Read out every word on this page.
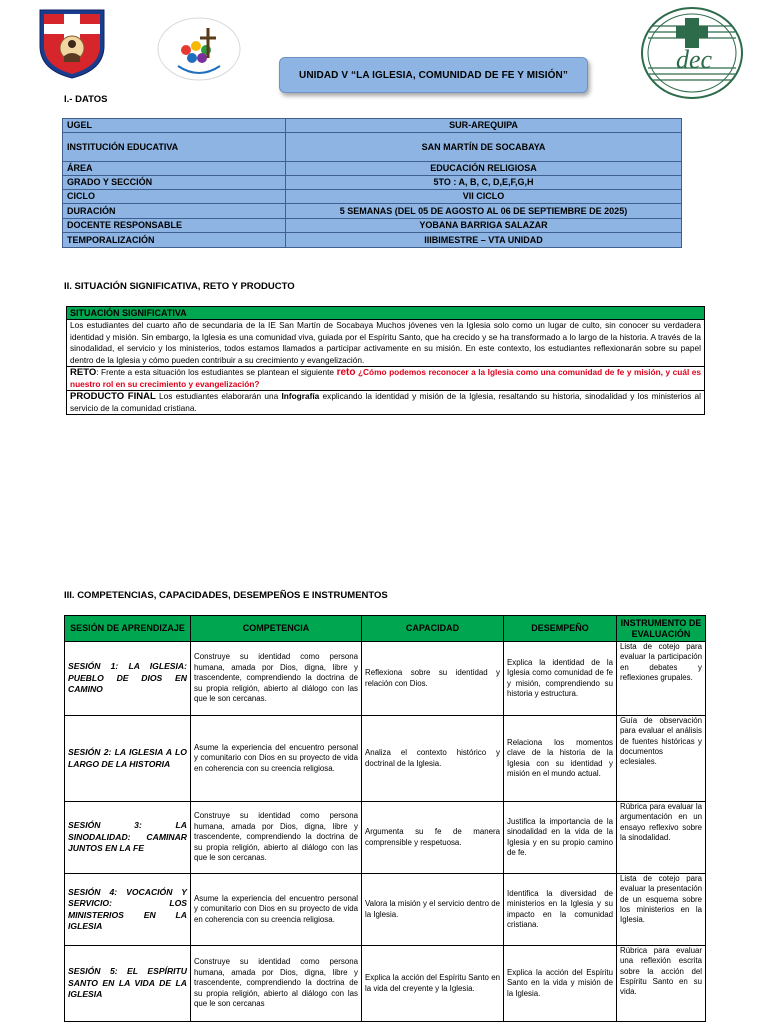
dec
UNIDAD V “LA IGLESIA, COMUNIDAD DE FE Y MISIÓN”
I.- DATOS
UGEL	SUR-AREQUIPA
INSTITUCIÓN EDUCATIVA	SAN MARTÍN DE SOCABAYA
ÁREA	EDUCACIÓN RELIGIOSA
GRADO Y SECCIÓN	5TO : A, B, C, D,E,F,G,H
CICLO	VII CICLO
DURACIÓN	5 SEMANAS (DEL 05 DE AGOSTO AL 06 DE SEPTIEMBRE DE 2025)
DOCENTE RESPONSABLE	YOBANA BARRIGA SALAZAR
TEMPORALIZACIÓN	IIIBIMESTRE – VTA UNIDAD
II. SITUACIÓN SIGNIFICATIVA, RETO Y PRODUCTO
SITUACIÓN SIGNIFICATIVA
Los estudiantes del cuarto año de secundaria de la IE San Martín de Socabaya Muchos jóvenes ven la Iglesia solo como un lugar de culto, sin conocer su verdadera identidad y misión. Sin embargo, la Iglesia es una comunidad viva, guiada por el Espíritu Santo, que ha crecido y se ha transformado a lo largo de la historia. A través de la sinodalidad, el servicio y los ministerios, todos estamos llamados a participar activamente en su misión. En este contexto, los estudiantes reflexionarán sobre su papel dentro de la Iglesia y cómo pueden contribuir a su crecimiento y evangelización.
RETO: Frente a esta situación los estudiantes se plantean el siguiente reto ¿Cómo podemos reconocer a la Iglesia como una comunidad de fe y misión, y cuál es nuestro rol en su crecimiento y evangelización?
PRODUCTO FINAL Los estudiantes elaborarán una Infografía explicando la identidad y misión de la Iglesia, resaltando su historia, sinodalidad y los ministerios al servicio de la comunidad cristiana.
III. COMPETENCIAS, CAPACIDADES, DESEMPEÑOS E INSTRUMENTOS
SESIÓN DE APRENDIZAJE	COMPETENCIA	CAPACIDAD	DESEMPEÑO	INSTRUMENTO DE EVALUACIÓN
SESIÓN 1: LA IGLESIA: PUEBLO DE DIOS EN CAMINO	Construye su identidad como persona humana, amada por Dios, digna, libre y trascendente, comprendiendo la doctrina de su propia religión, abierto al diálogo con las que le son cercanas.	Reflexiona sobre su identidad y relación con Dios.	Explica la identidad de la Iglesia como comunidad de fe y misión, comprendiendo su historia y estructura.	Lista de cotejo para evaluar la participación en debates y reflexiones grupales.
SESIÓN 2: LA IGLESIA A LO LARGO DE LA HISTORIA	Asume la experiencia del encuentro personal y comunitario con Dios en su proyecto de vida en coherencia con su creencia religiosa.	Analiza el contexto histórico y doctrinal de la Iglesia.	Relaciona los momentos clave de la historia de la Iglesia con su identidad y misión en el mundo actual.	Guía de observación para evaluar el análisis de fuentes históricas y documentos eclesiales.
SESIÓN 3: LA SINODALIDAD: CAMINAR JUNTOS EN LA FE	Construye su identidad como persona humana, amada por Dios, digna, libre y trascendente, comprendiendo la doctrina de su propia religión, abierto al diálogo con las que le son cercanas.	Argumenta su fe de manera comprensible y respetuosa.	Justifica la importancia de la sinodalidad en la vida de la Iglesia y en su propio camino de fe.	Rúbrica para evaluar la argumentación en un ensayo reflexivo sobre la sinodalidad.
SESIÓN 4: VOCACIÓN Y SERVICIO: LOS MINISTERIOS EN LA IGLESIA	Asume la experiencia del encuentro personal y comunitario con Dios en su proyecto de vida en coherencia con su creencia religiosa.	Valora la misión y el servicio dentro de la Iglesia.	Identifica la diversidad de ministerios en la Iglesia y su impacto en la comunidad cristiana.	Lista de cotejo para evaluar la presentación de un esquema sobre los ministerios en la Iglesia.
SESIÓN 5: EL ESPÍRITU SANTO EN LA VIDA DE LA IGLESIA	Construye su identidad como persona humana, amada por Dios, digna, libre y trascendente, comprendiendo la doctrina de su propia religión, abierto al diálogo con las que le son cercanas	Explica la acción del Espíritu Santo en la vida del creyente y la Iglesia.	Explica la acción del Espíritu Santo en la vida y misión de la Iglesia.	Rúbrica para evaluar una reflexión escrita sobre la acción del Espíritu Santo en su vida.
